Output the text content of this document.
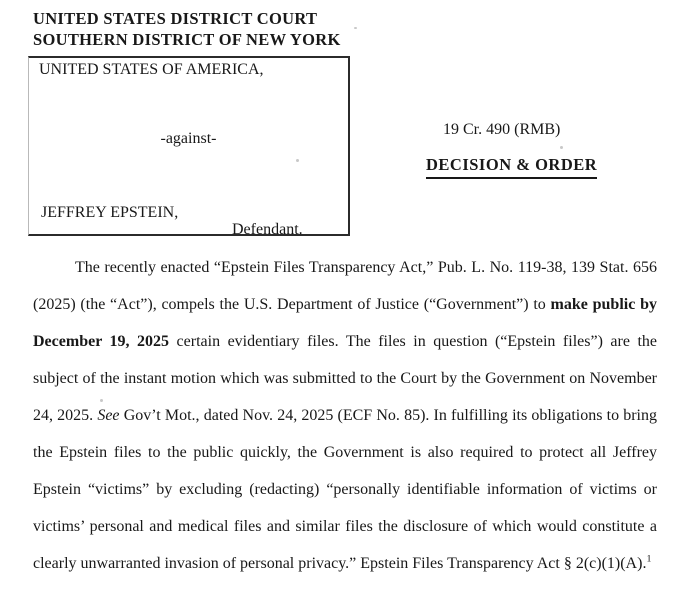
UNITED STATES DISTRICT COURT
SOUTHERN DISTRICT OF NEW YORK
UNITED STATES OF AMERICA,
-against-
JEFFREY EPSTEIN,
Defendant.
19 Cr. 490 (RMB)
DECISION & ORDER
The recently enacted “Epstein Files Transparency Act,” Pub. L. No. 119-38, 139 Stat. 656 (2025) (the “Act”), compels the U.S. Department of Justice (“Government”) to make public by December 19, 2025 certain evidentiary files. The files in question (“Epstein files”) are the subject of the instant motion which was submitted to the Court by the Government on November 24, 2025. See Gov’t Mot., dated Nov. 24, 2025 (ECF No. 85). In fulfilling its obligations to bring the Epstein files to the public quickly, the Government is also required to protect all Jeffrey Epstein “victims” by excluding (redacting) “personally identifiable information of victims or victims’ personal and medical files and similar files the disclosure of which would constitute a clearly unwarranted invasion of personal privacy.” Epstein Files Transparency Act § 2(c)(1)(A).$^1$
